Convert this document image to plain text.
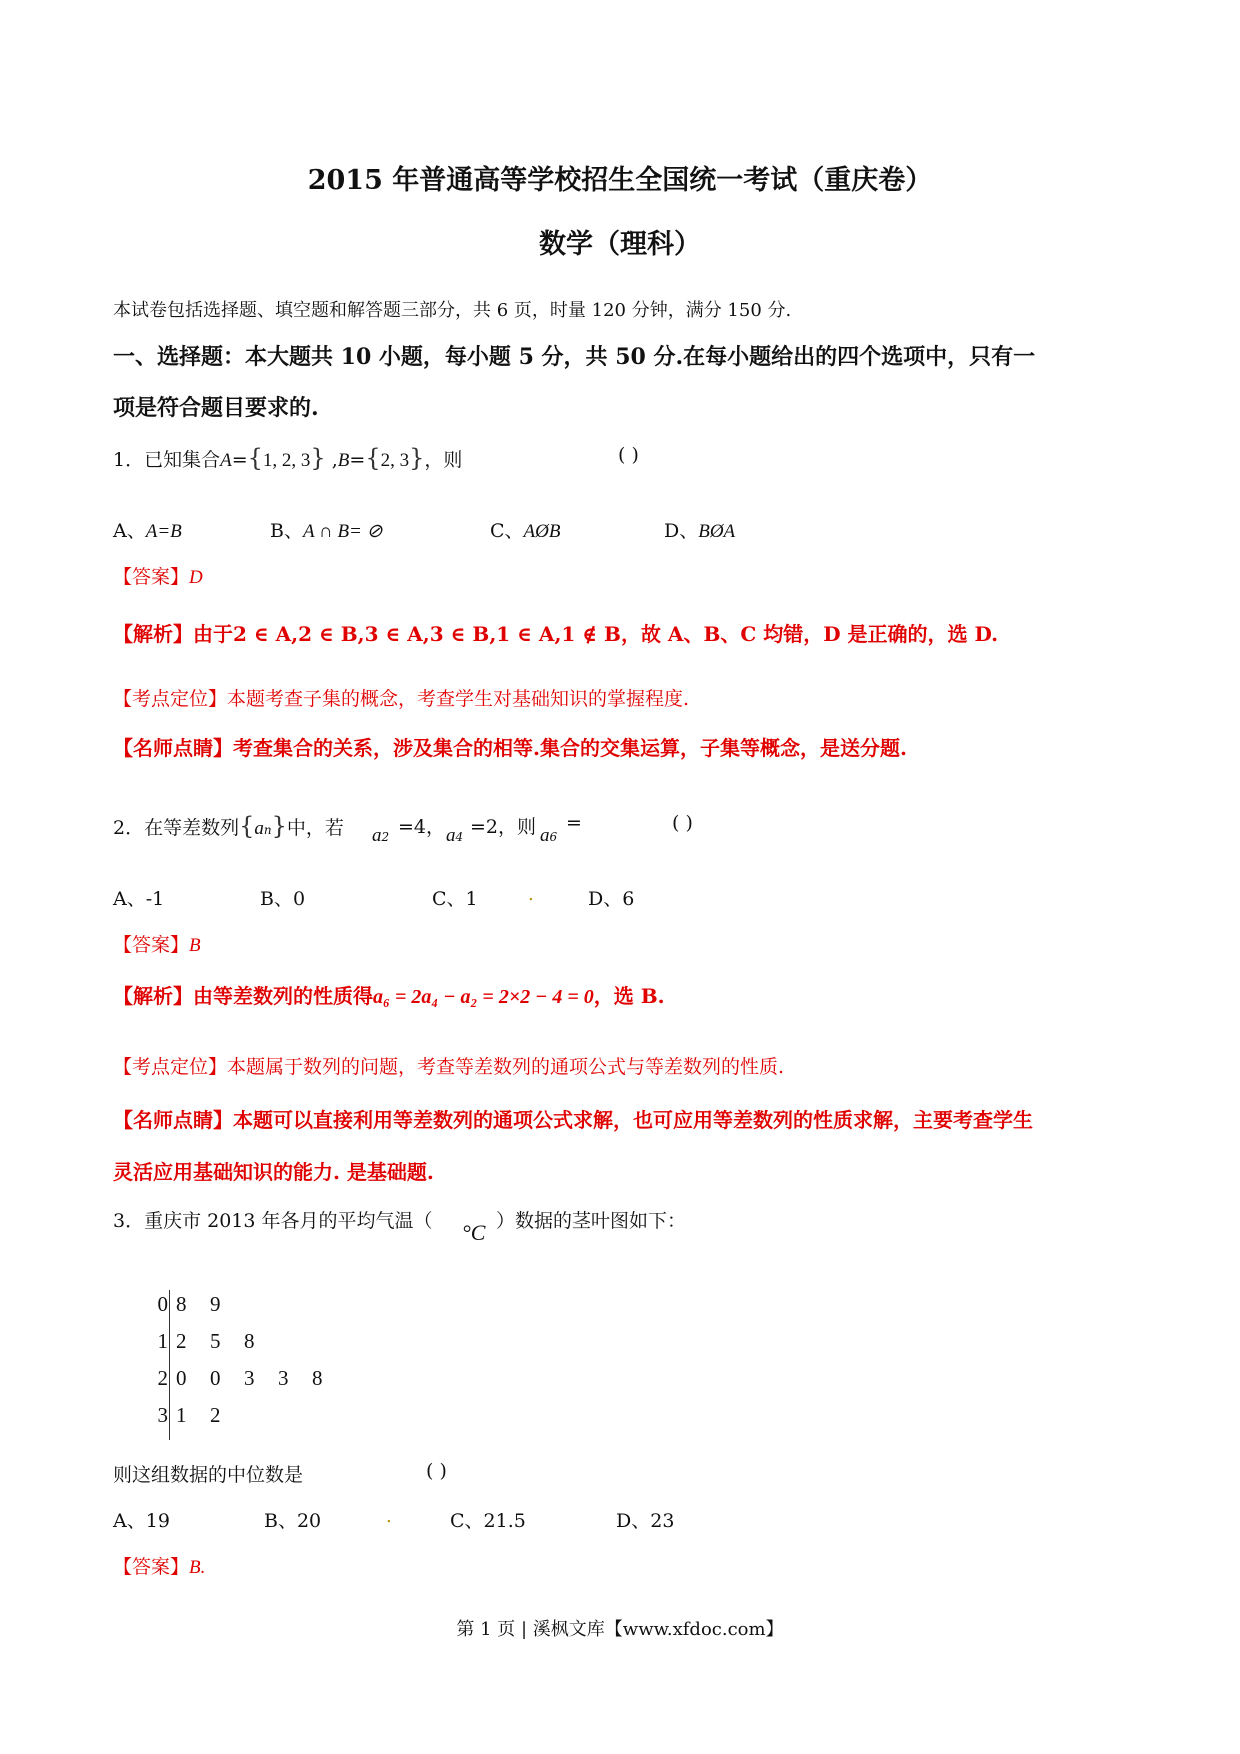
2015 年普通高等学校招生全国统一考试（重庆卷）
数学（理科）
本试卷包括选择题、填空题和解答题三部分，共 6 页，时量 120 分钟，满分 150 分.
一、选择题：本大题共 10 小题，每小题 5 分，共 50 分.在每小题给出的四个选项中，只有一
项是符合题目要求的.
1．已知集合A={1, 2, 3} ,B={2, 3}，则	( )
A、A=B	B、A ∩ B= ⊘	C、AØB	D、BØA
【答案】D
【解析】由于2 ∈ A,2 ∈ B,3 ∈ A,3 ∈ B,1 ∈ A,1 ∉ B，故 A、B、C 均错，D 是正确的，选 D.
【考点定位】本题考查子集的概念，考查学生对基础知识的掌握程度.
【名师点睛】考查集合的关系，涉及集合的相等.集合的交集运算，子集等概念，是送分题.
2．在等差数列{an}中，若 a2 =4， a4 =2，则 a6
=	( )
A、-1	B、0	C、1	.	D、6
【答案】B
【解析】由等差数列的性质得a₆ = 2a₄ − a₂ = 2×2 − 4 = 0，选 B.
【考点定位】本题属于数列的问题，考查等差数列的通项公式与等差数列的性质.
【名师点睛】本题可以直接利用等差数列的通项公式求解，也可应用等差数列的性质求解，主要考查学生
灵活应用基础知识的能力. 是基础题.
3．重庆市 2013 年各月的平均气温（ °C ）数据的茎叶图如下：
0 8 9
1 2 5 8
2 0 0 3 3 8
3 1 2
则这组数据的中位数是	( )
A、19	B、20	.	C、21.5	D、23
【答案】B.
第 1 页 | 溪枫文库【www.xfdoc.com】
